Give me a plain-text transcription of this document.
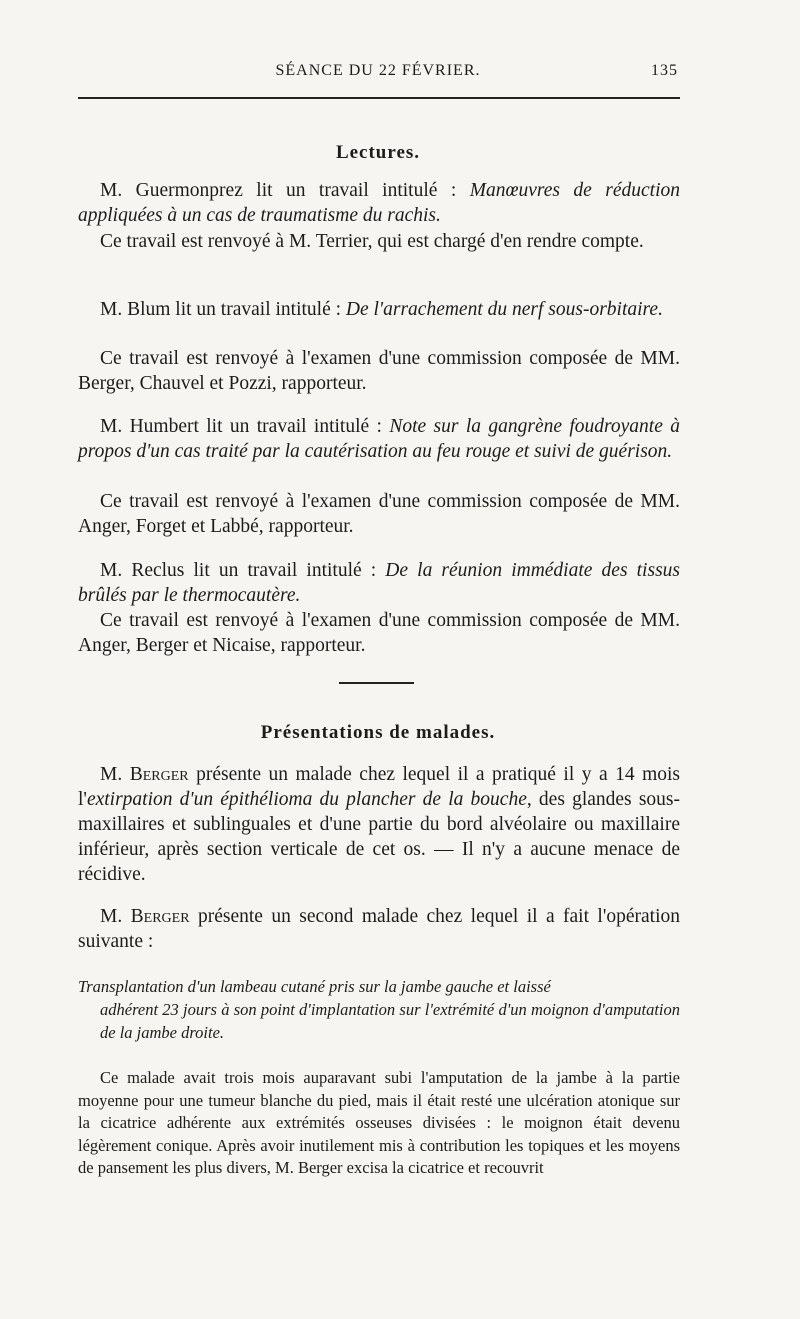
SÉANCE DU 22 FÉVRIER.	135
Lectures.

M. Guermonprez lit un travail intitulé : Manœuvres de réduction appliquées à un cas de traumatisme du rachis.

Ce travail est renvoyé à M. Terrier, qui est chargé d'en rendre compte.

M. Blum lit un travail intitulé : De l'arrachement du nerf sous-orbitaire.

Ce travail est renvoyé à l'examen d'une commission composée de MM. Berger, Chauvel et Pozzi, rapporteur.

M. Humbert lit un travail intitulé : Note sur la gangrène foudroyante à propos d'un cas traité par la cautérisation au feu rouge et suivi de guérison.

Ce travail est renvoyé à l'examen d'une commission composée de MM. Anger, Forget et Labbé, rapporteur.

M. Reclus lit un travail intitulé : De la réunion immédiate des tissus brûlés par le thermocautère.

Ce travail est renvoyé à l'examen d'une commission composée de MM. Anger, Berger et Nicaise, rapporteur.

Présentations de malades.

M. Berger présente un malade chez lequel il a pratiqué il y a 14 mois l'extirpation d'un épithélioma du plancher de la bouche, des glandes sous-maxillaires et sublinguales et d'une partie du bord alvéolaire ou maxillaire inférieur, après section verticale de cet os. — Il n'y a aucune menace de récidive.

M. Berger présente un second malade chez lequel il a fait l'opération suivante :

Transplantation d'un lambeau cutané pris sur la jambe gauche et laissé
adhérent 23 jours à son point d'implantation sur l'extrémité d'un moignon d'amputation de la jambe droite.
Ce malade avait trois mois auparavant subi l'amputation de la jambe à la partie moyenne pour une tumeur blanche du pied, mais il était resté une ulcération atonique sur la cicatrice adhérente aux extrémités osseuses divisées : le moignon était devenu légèrement conique. Après avoir inutilement mis à contribution les topiques et les moyens de pansement les plus divers, M. Berger excisa la cicatrice et recouvrit
